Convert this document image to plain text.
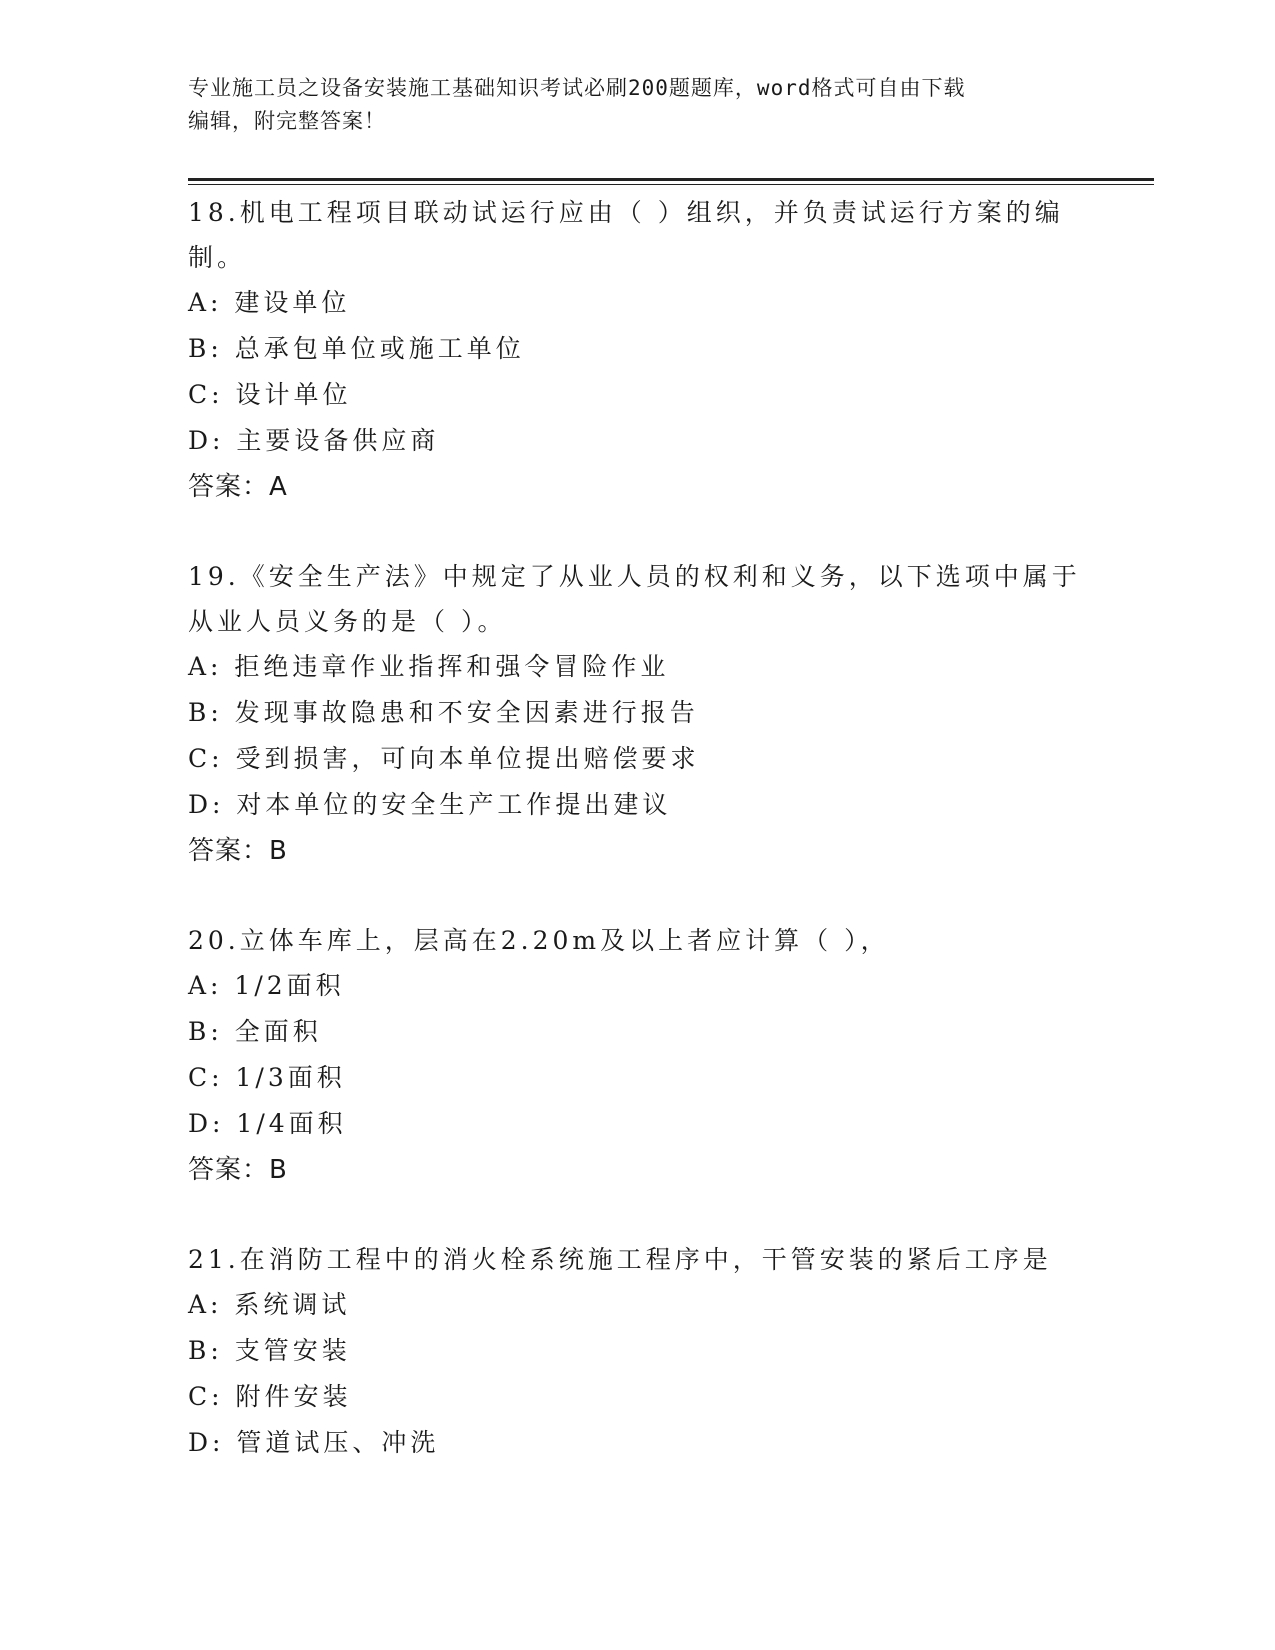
专业施工员之设备安装施工基础知识考试必刷200题题库，word格式可自由下载
编辑，附完整答案！
18.机电工程项目联动试运行应由（ ）组织，并负责试运行方案的编制。
A: 建设单位
B: 总承包单位或施工单位
C: 设计单位
D: 主要设备供应商
答案：A
19.《安全生产法》中规定了从业人员的权利和义务，以下选项中属于从业人员义务的是（ ）。
A: 拒绝违章作业指挥和强令冒险作业
B: 发现事故隐患和不安全因素进行报告
C: 受到损害，可向本单位提出赔偿要求
D: 对本单位的安全生产工作提出建议
答案：B
20.立体车库上，层高在2.20m及以上者应计算（ ），
A: 1/2面积
B: 全面积
C: 1/3面积
D: 1/4面积
答案：B
21.在消防工程中的消火栓系统施工程序中，干管安装的紧后工序是
A: 系统调试
B: 支管安装
C: 附件安装
D: 管道试压、冲洗
